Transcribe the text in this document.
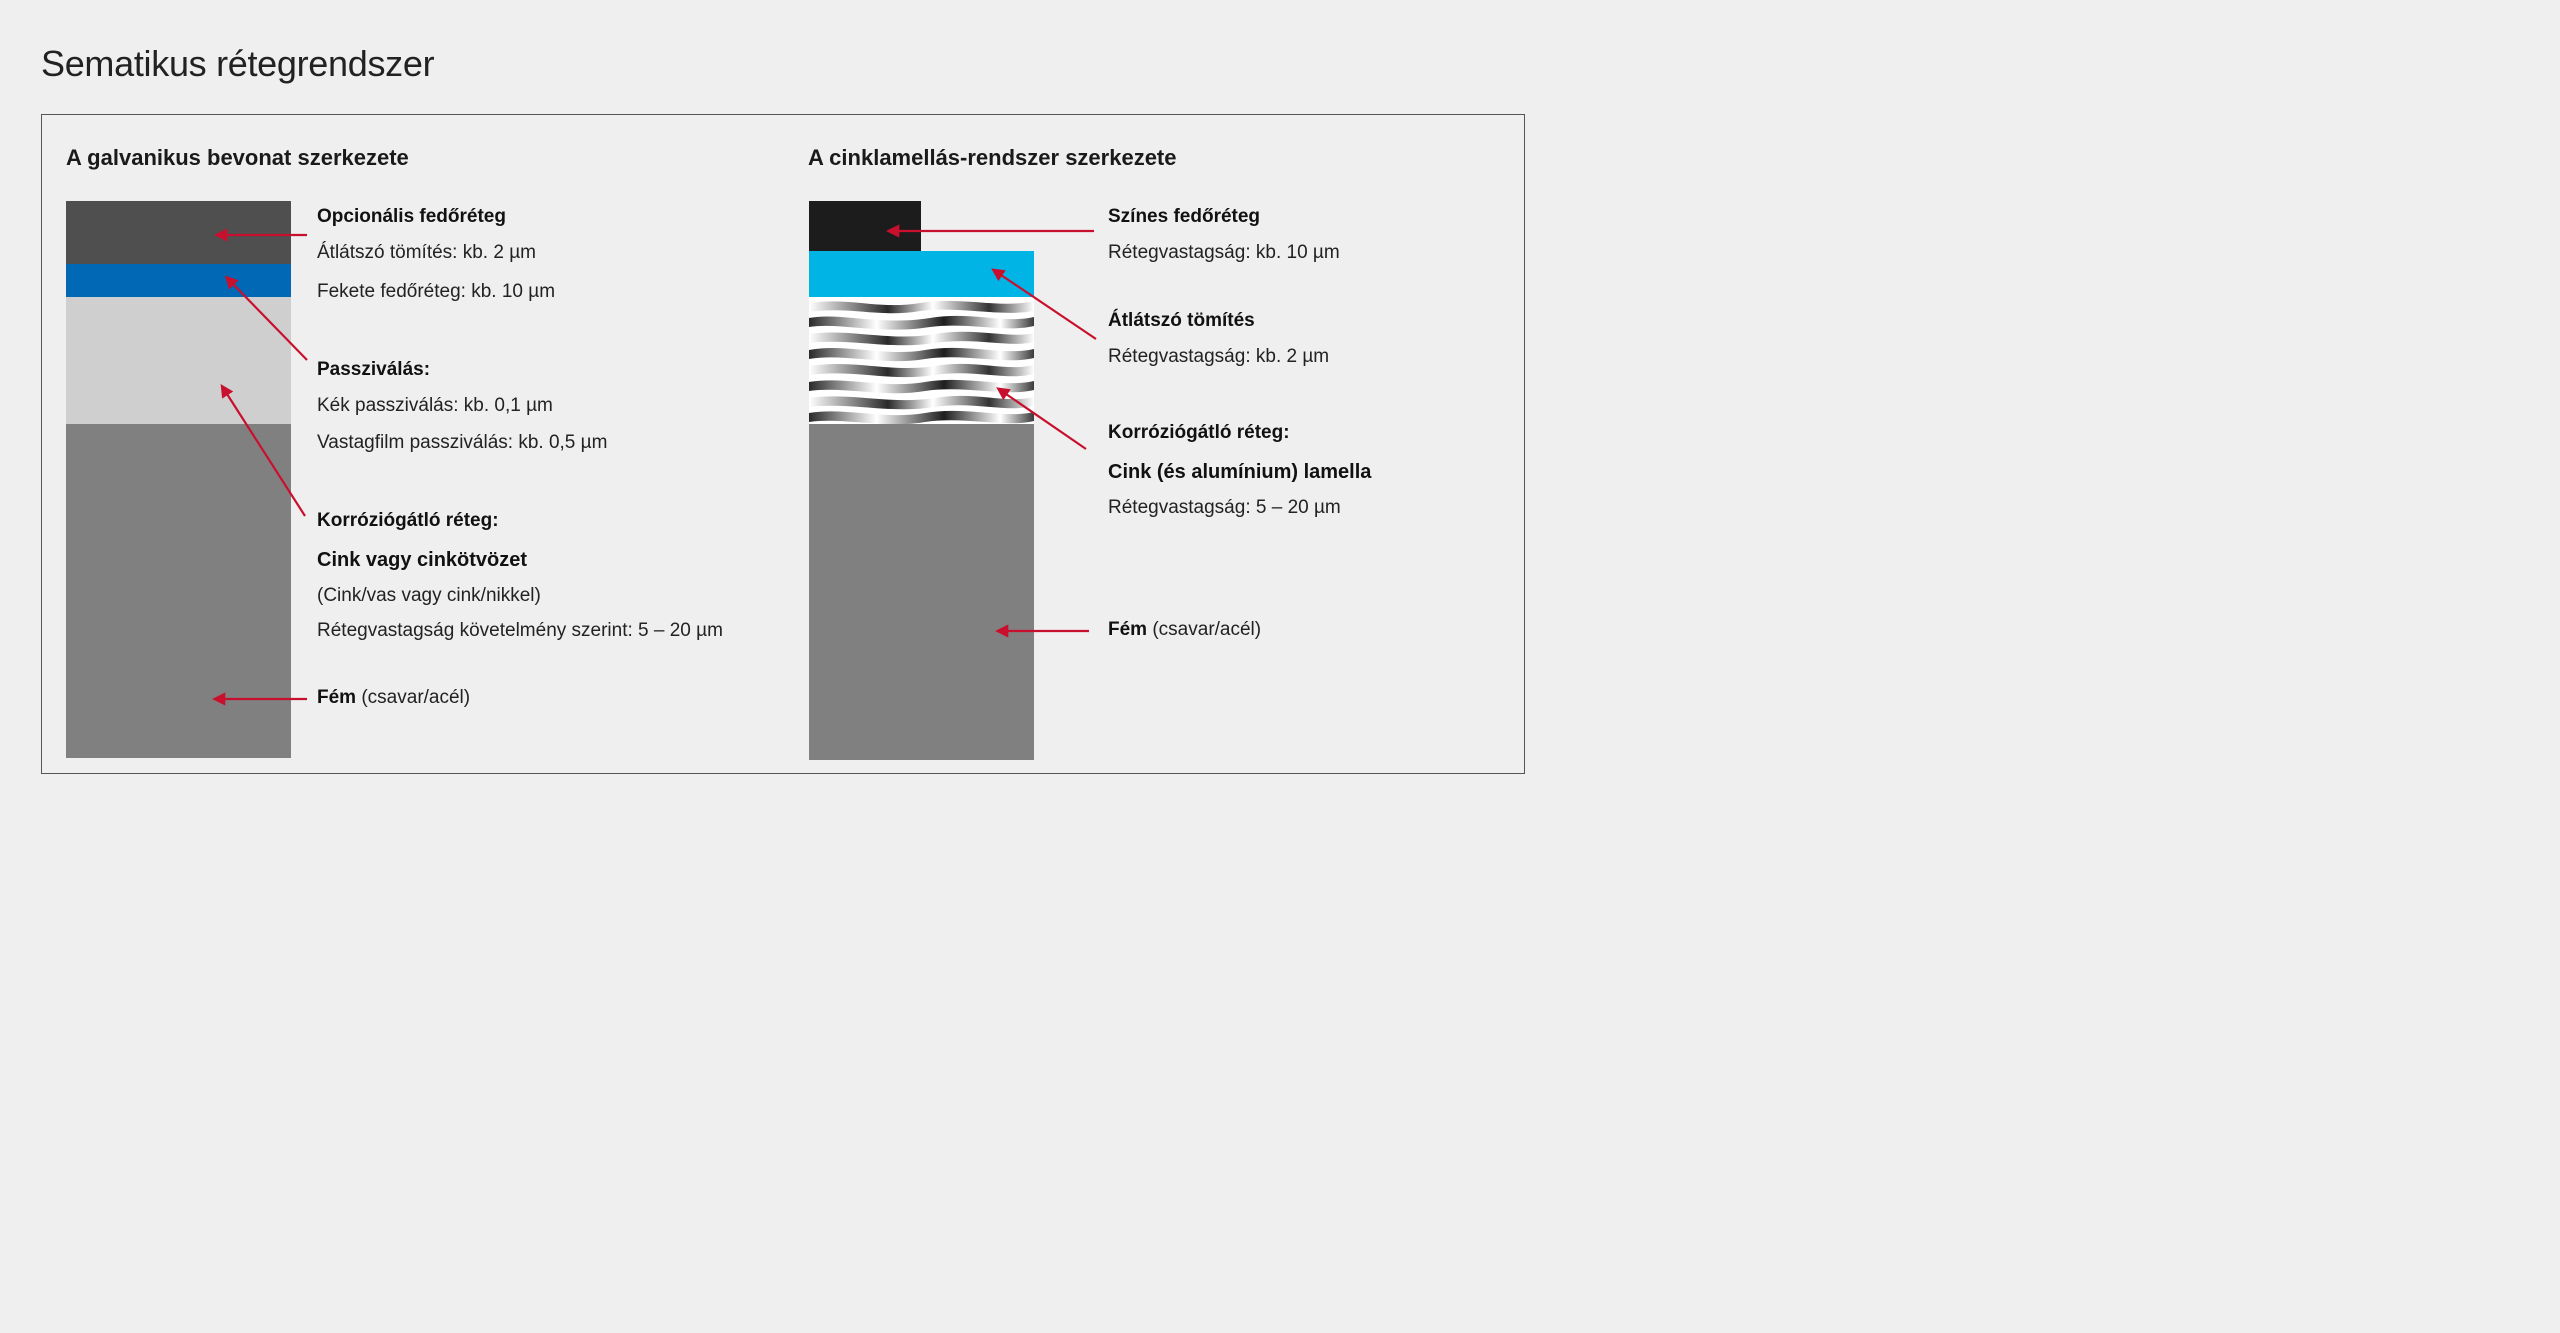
Sematikus rétegrendszer
A galvanikus bevonat szerkezete
Opcionális fedőréteg
Átlátszó tömítés: kb. 2 µm
Fekete fedőréteg: kb. 10 µm
Passziválás:
Kék passziválás: kb. 0,1 µm
Vastagfilm passziválás: kb. 0,5 µm
Korróziógátló réteg:
Cink vagy cinkötvözet
(Cink/vas vagy cink/nikkel)
Rétegvastagság követelmény szerint: 5 – 20 µm
Fém (csavar/acél)
A cinklamellás-rendszer szerkezete
Színes fedőréteg
Rétegvastagság: kb. 10 µm
Átlátszó tömítés
Rétegvastagság: kb. 2 µm
Korróziógátló réteg:
Cink (és alumínium) lamella
Rétegvastagság: 5 – 20 µm
Fém (csavar/acél)
